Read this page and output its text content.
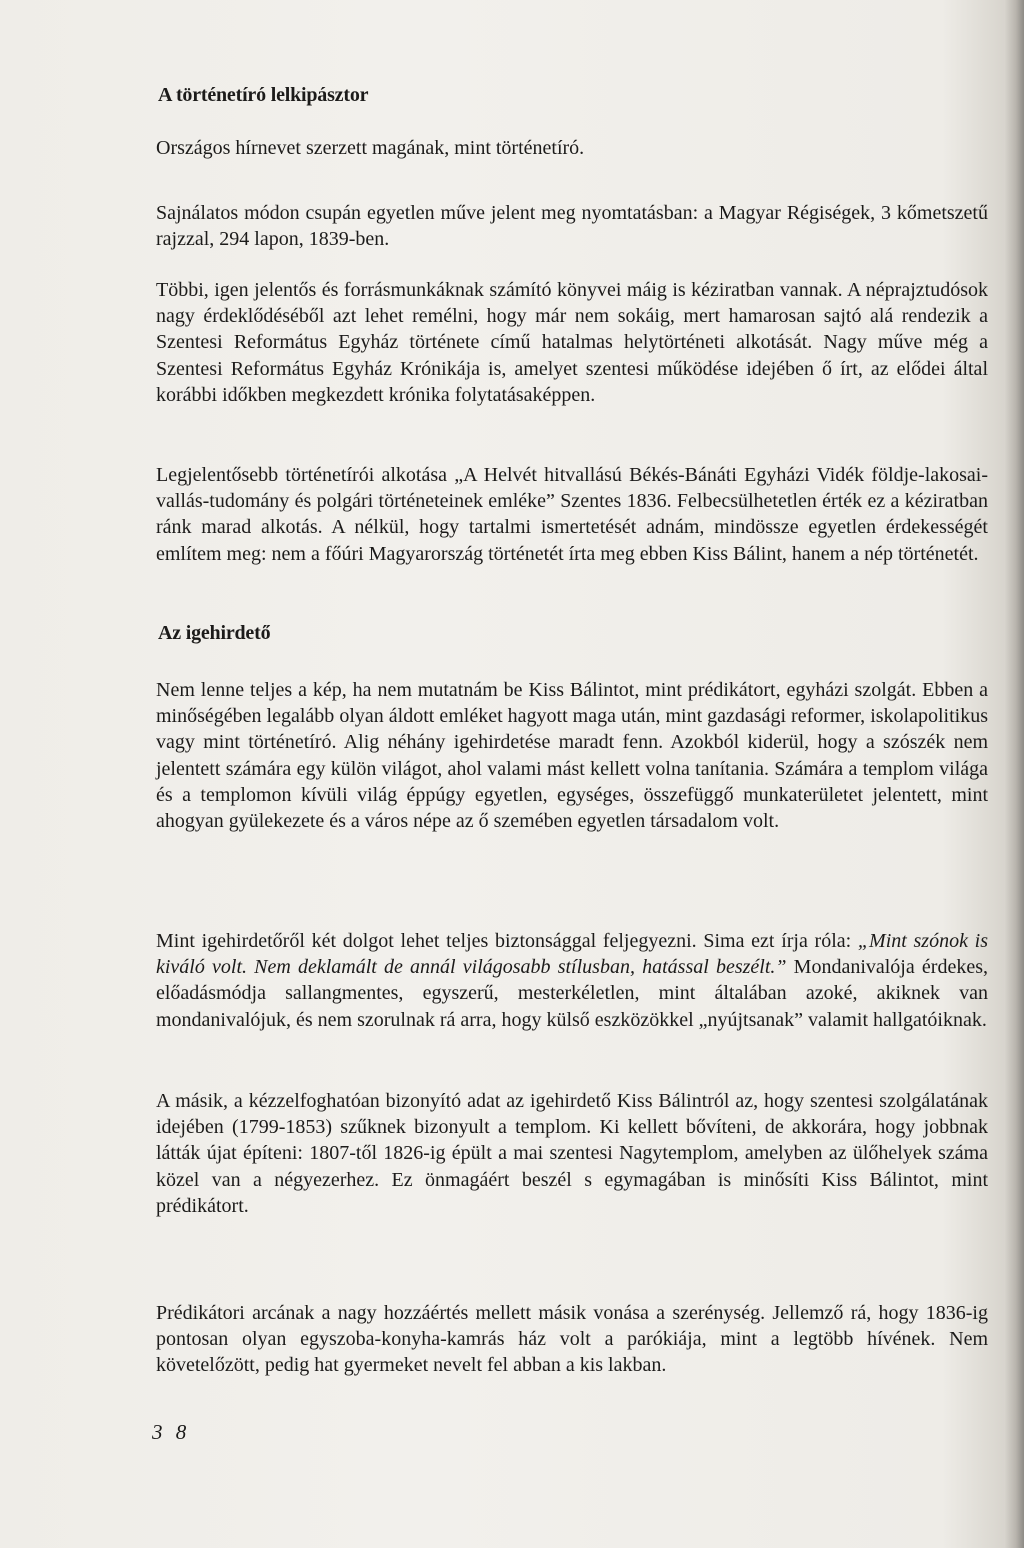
A történetíró lelkipásztor

Országos hírnevet szerzett magának, mint történetíró.

Sajnálatos módon csupán egyetlen műve jelent meg nyomtatásban: a Magyar Régiségek, 3 kőmetszetű rajzzal, 294 lapon, 1839-ben.

Többi, igen jelentős és forrásmunkáknak számító könyvei máig is kéziratban vannak. A néprajztudósok nagy érdeklődéséből azt lehet remélni, hogy már nem sokáig, mert hamarosan sajtó alá rendezik a Szentesi Református Egyház története című hatalmas helytörténeti alkotását. Nagy műve még a Szentesi Református Egyház Krónikája is, amelyet szentesi működése idejében ő írt, az elődei által korábbi időkben megkezdett krónika folytatásaképpen.

Legjelentősebb történetírói alkotása „A Helvét hitvallású Békés-Bánáti Egyházi Vidék földje-lakosai-vallás-tudomány és polgári történeteinek emléke” Szentes 1836. Felbecsülhetetlen érték ez a kéziratban ránk marad alkotás. A nélkül, hogy tartalmi ismertetését adnám, mindössze egyetlen érdekességét említem meg: nem a főúri Magyarország történetét írta meg ebben Kiss Bálint, hanem a nép történetét.

Az igehirdető

Nem lenne teljes a kép, ha nem mutatnám be Kiss Bálintot, mint prédikátort, egyházi szolgát. Ebben a minőségében legalább olyan áldott emléket hagyott maga után, mint gazdasági reformer, iskolapolitikus vagy mint történetíró. Alig néhány igehirdetése maradt fenn. Azokból kiderül, hogy a szószék nem jelentett számára egy külön világot, ahol valami mást kellett volna tanítania. Számára a templom világa és a templomon kívüli világ éppúgy egyetlen, egységes, összefüggő munkaterületet jelentett, mint ahogyan gyülekezete és a város népe az ő szemében egyetlen társadalom volt.

Mint igehirdetőről két dolgot lehet teljes biztonsággal feljegyezni. Sima ezt írja róla: „Mint szónok is kiváló volt. Nem deklamált de annál világosabb stílusban, hatással beszélt.” Mondanivalója érdekes, előadásmódja sallangmentes, egyszerű, mesterkéletlen, mint általában azoké, akiknek van mondanivalójuk, és nem szorulnak rá arra, hogy külső eszközökkel „nyújtsanak” valamit hallgatóiknak.

A másik, a kézzelfoghatóan bizonyító adat az igehirdető Kiss Bálintról az, hogy szentesi szolgálatának idejében (1799-1853) szűknek bizonyult a templom. Ki kellett bővíteni, de akkorára, hogy jobbnak látták újat építeni: 1807-től 1826-ig épült a mai szentesi Nagytemplom, amelyben az ülőhelyek száma közel van a négyezerhez. Ez önmagáért beszél s egymagában is minősíti Kiss Bálintot, mint prédikátort.

Prédikátori arcának a nagy hozzáértés mellett másik vonása a szerénység. Jellemző rá, hogy 1836-ig pontosan olyan egyszoba-konyha-kamrás ház volt a parókiája, mint a legtöbb hívének. Nem követelőzött, pedig hat gyermeket nevelt fel abban a kis lakban.

3 8
